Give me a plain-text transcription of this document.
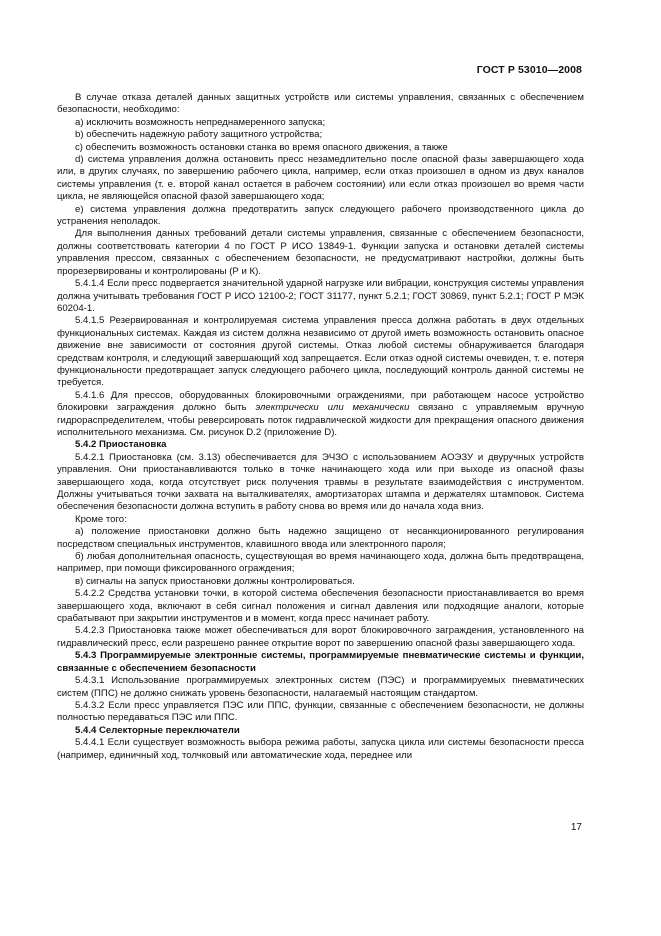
ГОСТ Р 53010—2008

В случае отказа деталей данных защитных устройств или системы управления, связанных с обеспечением безопасности, необходимо:

a) исключить возможность непреднамеренного запуска;

b) обеспечить надежную работу защитного устройства;

c) обеспечить возможность остановки станка во время опасного движения, а также

d) система управления должна остановить пресс незамедлительно после опасной фазы завершающего хода или, в других случаях, по завершению рабочего цикла, например, если отказ произошел в одном из двух каналов системы управления (т. е. второй канал остается в рабочем состоянии) или если отказ произошел во время части цикла, не являющейся опасной фазой завершающего хода;

e) система управления должна предотвратить запуск следующего рабочего производственного цикла до устранения неполадок.

Для выполнения данных требований детали системы управления, связанные с обеспечением безопасности, должны соответствовать категории 4 по ГОСТ Р ИСО 13849-1. Функции запуска и остановки деталей системы управления прессом, связанных с обеспечением безопасности, не предусматривают настройки, должны быть прорезервированы и контролированы (Р и К).

5.4.1.4 Если пресс подвергается значительной ударной нагрузке или вибрации, конструкция системы управления должна учитывать требования ГОСТ Р ИСО 12100-2; ГОСТ 31177, пункт 5.2.1; ГОСТ 30869, пункт 5.2.1; ГОСТ Р МЭК 60204-1.

5.4.1.5 Резервированная и контролируемая система управления пресса должна работать в двух отдельных функциональных системах. Каждая из систем должна независимо от другой иметь возможность остановить опасное движение вне зависимости от состояния другой системы. Отказ любой системы обнаруживается благодаря средствам контроля, и следующий завершающий ход запрещается. Если отказ одной системы очевиден, т. е. потеря функциональности предотвращает запуск следующего рабочего цикла, последующий контроль данной системы не требуется.

5.4.1.6 Для прессов, оборудованных блокировочными ограждениями, при работающем насосе устройство блокировки заграждения должно быть электрически или механически связано с управляемым вручную гидрораспределителем, чтобы реверсировать поток гидравлической жидкости для прекращения опасного движения исполнительного механизма. См. рисунок D.2 (приложение D).

5.4.2 Приостановка

5.4.2.1 Приостановка (см. 3.13) обеспечивается для ЭЧЗО с использованием АОЭЗУ и двуручных устройств управления. Они приостанавливаются только в точке начинающего хода или при выходе из опасной фазы завершающего хода, когда отсутствует риск получения травмы в результате взаимодействия с инструментом. Должны учитываться точки захвата на выталкивателях, амортизаторах штампа и держателях штамповок. Система обеспечения безопасности должна вступить в работу снова во время или до начала хода вниз.

Кроме того:

a) положение приостановки должно быть надежно защищено от несанкционированного регулирования посредством специальных инструментов, клавишного ввода или электронного пароля;

б) любая дополнительная опасность, существующая во время начинающего хода, должна быть предотвращена, например, при помощи фиксированного ограждения;

в) сигналы на запуск приостановки должны контролироваться.

5.4.2.2 Средства установки точки, в которой система обеспечения безопасности приостанавливается во время завершающего хода, включают в себя сигнал положения и сигнал давления или подходящие аналоги, которые срабатывают при закрытии инструментов и в момент, когда пресс начинает работу.

5.4.2.3 Приостановка также может обеспечиваться для ворот блокировочного заграждения, установленного на гидравлический пресс, если разрешено раннее открытие ворот по завершению опасной фазы завершающего хода.

5.4.3 Программируемые электронные системы, программируемые пневматические системы и функции, связанные с обеспечением безопасности

5.4.3.1 Использование программируемых электронных систем (ПЭС) и программируемых пневматических систем (ППС) не должно снижать уровень безопасности, налагаемый настоящим стандартом.

5.4.3.2 Если пресс управляется ПЭС или ППС, функции, связанные с обеспечением безопасности, не должны полностью передаваться ПЭС или ППС.

5.4.4 Селекторные переключатели

5.4.4.1 Если существует возможность выбора режима работы, запуска цикла или системы безопасности пресса (например, единичный ход, толчковый или автоматические хода, переднее или

17
